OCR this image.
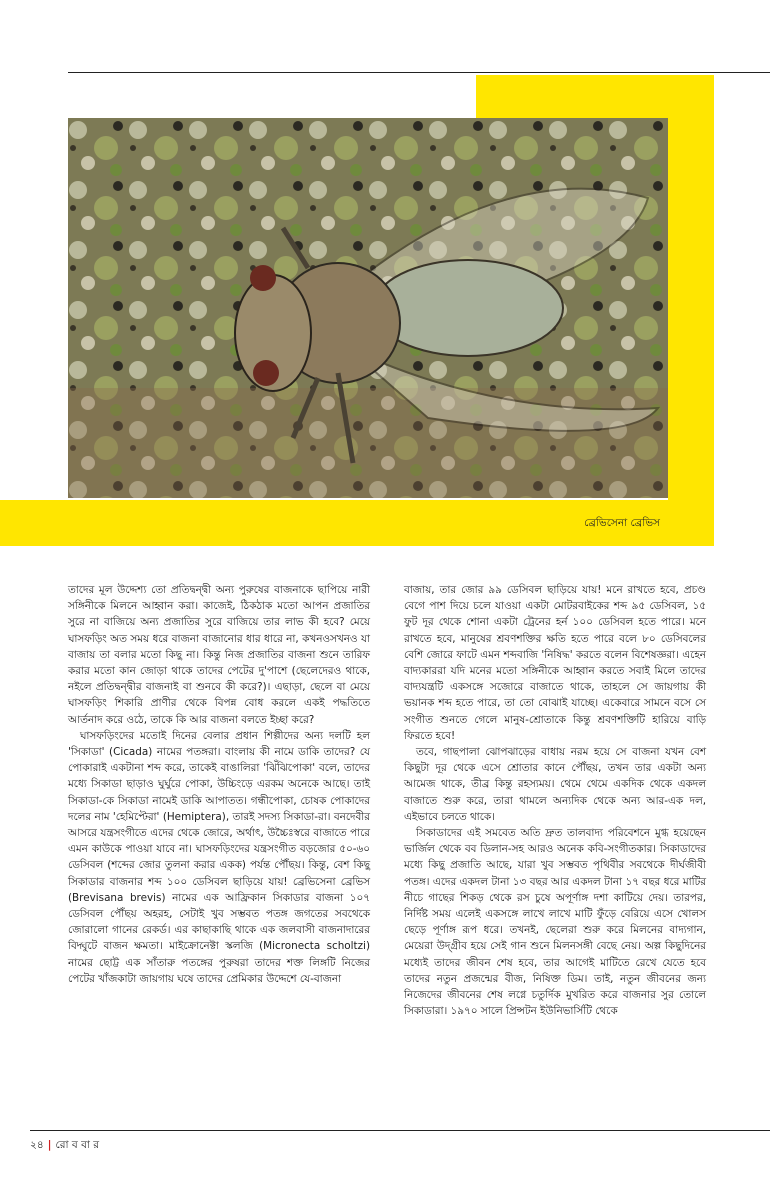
ব্রেভিসেনা ব্রেভিস

তাদের মূল উদ্দেশ্য তো প্রতিদ্বন্দ্বী অন্য পুরুষের বাজনাকে ছাপিয়ে নারী সঙ্গিনীকে মিলনে আহ্বান করা। কাজেই, ঠিকঠাক মতো আপন প্রজাতির সুরে না বাজিয়ে অন্য প্রজাতির সুরে বাজিয়ে তার লাভ কী হবে? মেয়ে ঘাসফড়িং অত সময় ধরে বাজনা বাজানোর ধার ধারে না, কখনওসখনও যা বাজায় তা বলার মতো কিছু না। কিন্তু নিজ প্রজাতির বাজনা শুনে তারিফ করার মতো কান জোড়া থাকে তাদের পেটের দু'পাশে (ছেলেদেরও থাকে, নইলে প্রতিদ্বন্দ্বীর বাজনাই বা শুনবে কী করে?)। এছাড়া, ছেলে বা মেয়ে ঘাসফড়িং শিকারি প্রাণীর থেকে বিপন্ন বোধ করলে একই পদ্ধতিতে আর্তনাদ করে ওঠে, তাকে কি আর বাজনা বলতে ইচ্ছা করে?

ঘাসফড়িংদের মতোই দিনের বেলার প্রধান শিল্পীদের অন্য দলটি হল 'সিকাডা' (Cicada) নামের পতঙ্গরা। বাংলায় কী নামে ডাকি তাদের? যে পোকারাই একটানা শব্দ করে, তাকেই বাঙালিরা 'ঝিঁঝিপোকা' বলে, তাদের মধ্যে সিকাডা ছাড়াও ঘুর্ঘুরে পোকা, উচ্চিংড়ে এরকম অনেকে আছে। তাই সিকাডা-কে সিকাডা নামেই ডাকি আপাতত। গন্ধীপোকা, চোষক পোকাদের দলের নাম 'হেমিপ্টেরা' (Hemiptera), তারই সদস্য সিকাডা-রা। বনদেবীর আসরে যন্ত্রসংগীতে এদের থেকে জোরে, অর্থাৎ, উচ্চৈঃস্বরে বাজাতে পারে এমন কাউকে পাওয়া যাবে না। ঘাসফড়িংদের যন্ত্রসংগীত বড়জোর ৫০-৬০ ডেসিবল (শব্দের জোর তুলনা করার একক) পর্যন্ত পৌঁছয়। কিন্তু, বেশ কিছু সিকাডার বাজনার শব্দ ১০০ ডেসিবল ছাড়িয়ে যায়! ব্রেভিসেনা ব্রেভিস (Brevisana brevis) নামের এক আফ্রিকান সিকাডার বাজনা ১০৭ ডেসিবল পৌঁছয় অহরহ, সেটাই খুব সম্ভবত পতঙ্গ জগতের সবথেকে জোরালো গানের রেকর্ড। এর কাছাকাছি থাকে এক জলবাসী বাজনাদারের বিদ্ঘুটে বাজন ক্ষমতা। মাইক্রোনেক্টা স্কলজি (Micronecta scholtzi) নামের ছোট্ট এক সাঁতারু পতঙ্গের পুরুষরা তাদের শক্ত লিঙ্গটি নিজের পেটের খাঁজকাটা জায়গায় ঘষে তাদের প্রেমিকার উদ্দেশে যে-বাজনা

বাজায়, তার জোর ৯৯ ডেসিবল ছাড়িয়ে যায়! মনে রাখতে হবে, প্রচণ্ড বেগে পাশ দিয়ে চলে যাওয়া একটা মোটরবাইকের শব্দ ৯৫ ডেসিবল, ১৫ ফুট দূর থেকে শোনা একটা ট্রেনের হর্ন ১০০ ডেসিবল হতে পারে। মনে রাখতে হবে, মানুষের শ্রবণশক্তির ক্ষতি হতে পারে বলে ৮০ ডেসিবলের বেশি জোরে ফাটে এমন শব্দবাজি 'নিষিদ্ধ' করতে বলেন বিশেষজ্ঞরা। এহেন বাদ্যকাররা যদি মনের মতো সঙ্গিনীকে আহ্বান করতে সবাই মিলে তাদের বাদ্যযন্ত্রটি একসঙ্গে সজোরে বাজাতে থাকে, তাহলে সে জায়গায় কী ভয়ানক শব্দ হতে পারে, তা তো বোঝাই যাচ্ছে। একেবারে সামনে বসে সে সংগীত শুনতে গেলে মানুষ-শ্রোতাকে কিন্তু শ্রবণশক্তিটি হারিয়ে বাড়ি ফিরতে হবে!

তবে, গাছপালা ঝোপঝাড়ের বাধায় নরম হয়ে সে বাজনা যখন বেশ কিছুটা দূর থেকে এসে শ্রোতার কানে পৌঁছয়, তখন তার একটা অন্য আমেজ থাকে, তীব্র কিন্তু রহস্যময়। থেমে থেমে একদিক থেকে একদল বাজাতে শুরু করে, তারা থামলে অন্যদিক থেকে অন্য আর-এক দল, এইভাবে চলতে থাকে।

সিকাডাদের এই সমবেত অতি দ্রুত তালবাদ্য পরিবেশনে মুগ্ধ হয়েছেন ভার্জিল থেকে বব ডিলান-সহ আরও অনেক কবি-সংগীতকার। সিকাডাদের মধ্যে কিছু প্রজাতি আছে, যারা খুব সম্ভবত পৃথিবীর সবথেকে দীর্ঘজীবী পতঙ্গ। এদের একদল টানা ১৩ বছর আর একদল টানা ১৭ বছর ধরে মাটির নীচে গাছের শিকড় থেকে রস চুষে অপূর্ণাঙ্গ দশা কাটিয়ে দেয়। তারপর, নির্দিষ্ট সময় এলেই একসঙ্গে লাখে লাখে মাটি ফুঁড়ে বেরিয়ে এসে খোলস ছেড়ে পূর্ণাঙ্গ রূপ ধরে। তখনই, ছেলেরা শুরু করে মিলনের বাদ্যগান, মেয়েরা উদ্গ্রীব হয়ে সেই গান শুনে মিলনসঙ্গী বেছে নেয়। অল্প কিছুদিনের মধ্যেই তাদের জীবন শেষ হবে, তার আগেই মাটিতে রেখে যেতে হবে তাদের নতুন প্রজন্মের বীজ, নিষিক্ত ডিম। তাই, নতুন জীবনের জন্য নিজেদের জীবনের শেষ লগ্নে চতুর্দিক মুখরিত করে বাজনার সুর তোলে সিকাডারা। ১৯৭০ সালে প্রিন্সটন ইউনিভার্সিটি থেকে

২৪ | রো ব বা র
